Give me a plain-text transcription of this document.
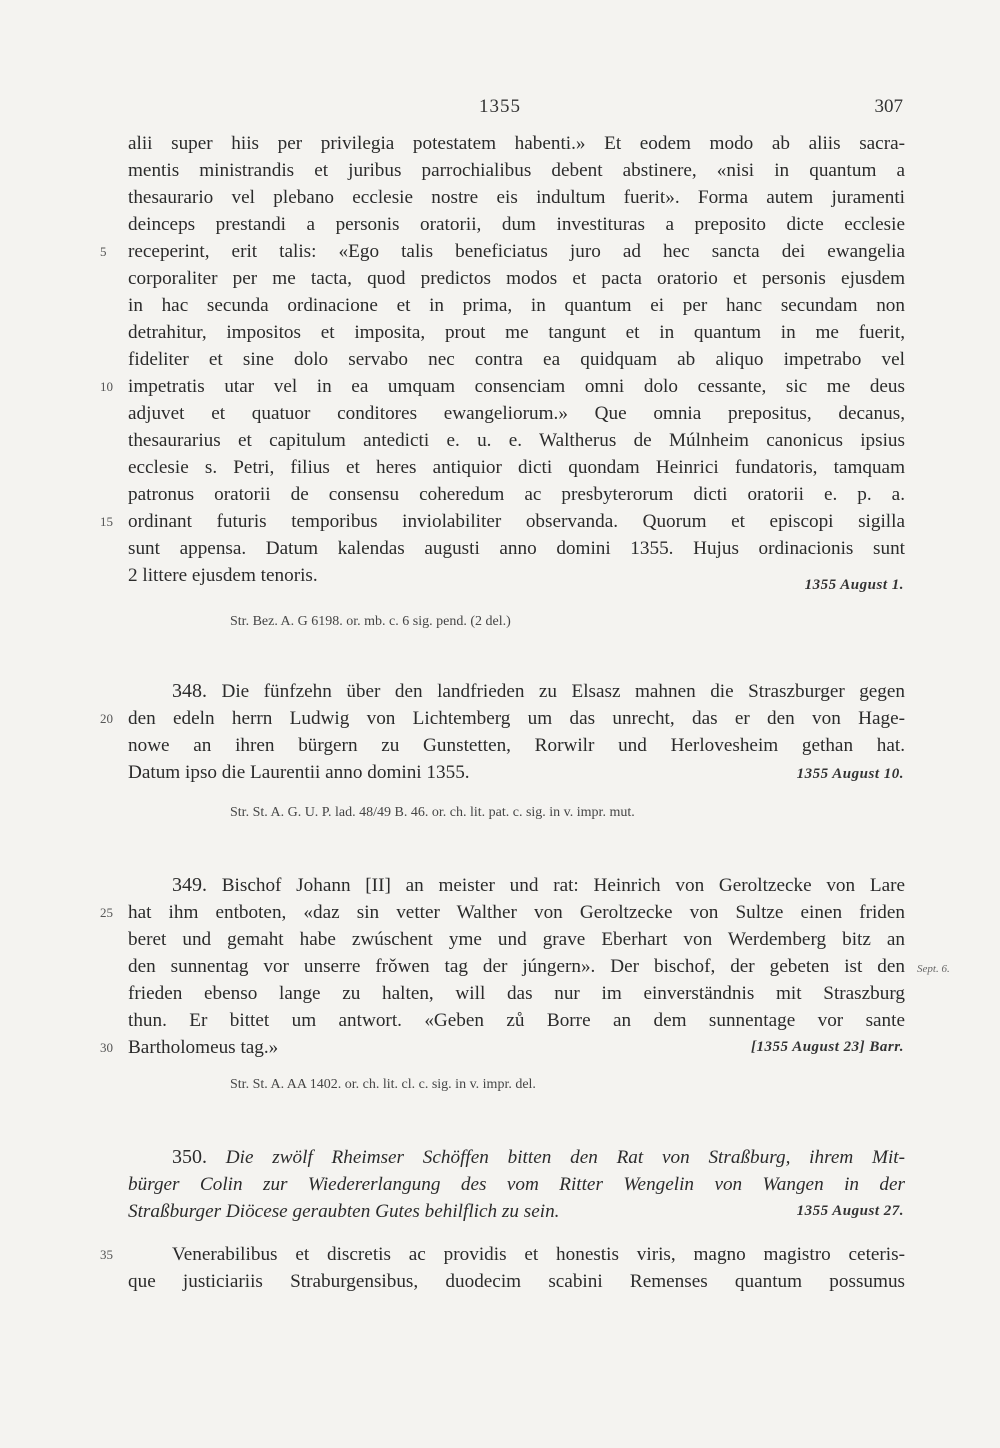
1355	307
alii super hiis per privilegia potestatem habenti.» Et eodem modo ab aliis sacra-
mentis ministrandis et juribus parrochialibus debent abstinere, «nisi in quantum a
thesaurario vel plebano ecclesie nostre eis indultum fuerit». Forma autem juramenti
deinceps prestandi a personis oratorii, dum investituras a preposito dicte ecclesie
5	receperint, erit talis: «Ego talis beneficiatus juro ad hec sancta dei ewangelia
corporaliter per me tacta, quod predictos modos et pacta oratorio et personis ejusdem
in hac secunda ordinacione et in prima, in quantum ei per hanc secundam non
detrahitur, impositos et imposita, prout me tangunt et in quantum in me fuerit,
fideliter et sine dolo servabo nec contra ea quidquam ab aliquo impetrabo vel
10 impetratis utar vel in ea umquam consenciam omni dolo cessante, sic me deus
adjuvet et quatuor conditores ewangeliorum.» Que omnia prepositus, decanus,
thesaurarius et capitulum antedicti e. u. e. Waltherus de Múlnheim canonicus ipsius
ecclesie s. Petri, filius et heres antiquior dicti quondam Heinrici fundatoris, tamquam
patronus oratorii de consensu coheredum ac presbyterorum dicti oratorii e. p. a.
15 ordinant futuris temporibus inviolabiliter observanda. Quorum et episcopi sigilla
sunt appensa. Datum kalendas augusti anno domini 1355. Hujus ordinacionis sunt
2 littere ejusdem tenoris.	1355 August 1.
Str. Bez. A. G 6198. or. mb. c. 6 sig. pend. (2 del.)
348. Die fünfzehn über den landfrieden zu Elsasz mahnen die Straszburger gegen
20 den edeln herrn Ludwig von Lichtemberg um das unrecht, das er den von Hage-
nowe an ihren bürgern zu Gunstetten, Rorwilr und Herlovesheim gethan hat.
Datum ipso die Laurentii anno domini 1355.	1355 August 10.
Str. St. A. G. U. P. lad. 48/49 B. 46. or. ch. lit. pat. c. sig. in v. impr. mut.
349. Bischof Johann [II] an meister und rat: Heinrich von Geroltzecke von Lare
25 hat ihm entboten, «daz sin vetter Walther von Geroltzecke von Sultze einen friden
beret und gemaht habe zwúschent yme und grave Eberhart von Werdemberg bitz an
den sunnentag vor unserre frǒwen tag der júngern». Der bischof, der gebeten ist den Sept. 6.
frieden ebenso lange zu halten, will das nur im einverständnis mit Straszburg
thun. Er bittet um antwort. «Geben zů Borre an dem sunnentage vor sante
30 Bartholomeus tag.»	[1355 August 23] Barr.
Str. St. A. AA 1402. or. ch. lit. cl. c. sig. in v. impr. del.
350. Die zwölf Rheimser Schöffen bitten den Rat von Straßburg, ihrem Mit-
bürger Colin zur Wiedererlangung des vom Ritter Wengelin von Wangen in der
Straßburger Diöcese geraubten Gutes behilflich zu sein.	1355 August 27.
35	Venerabilibus et discretis ac providis et honestis viris, magno magistro ceteris-
que justiciariis Straburgensibus, duodecim scabini Remenses quantum possumus
